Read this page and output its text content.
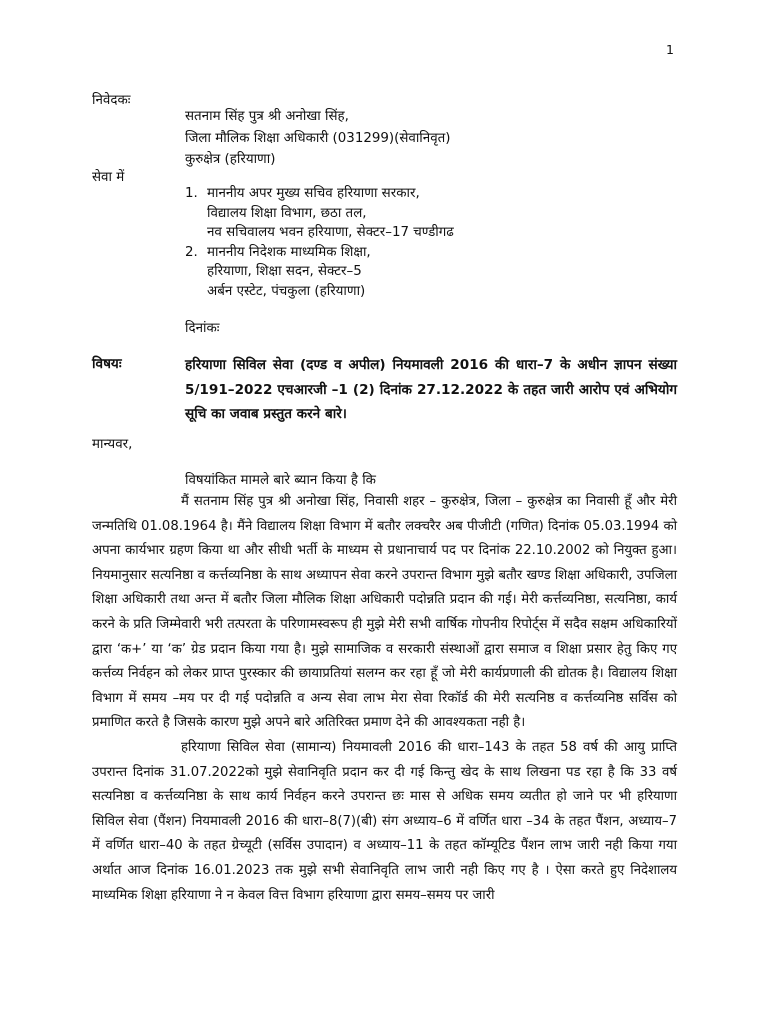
1
निवेदकः
सतनाम सिंह पुत्र श्री अनोखा सिंह,
जिला मौलिक शिक्षा अधिकारी (031299)(सेवानिवृत)
कुरुक्षेत्र (हरियाणा)
सेवा में
1. माननीय अपर मुख्य सचिव हरियाणा सरकार,
विद्यालय शिक्षा विभाग, छठा तल,
नव सचिवालय भवन हरियाणा, सेक्टर–17 चण्डीगढ
2. माननीय निदेशक माध्यमिक शिक्षा,
हरियाणा, शिक्षा सदन, सेक्टर–5
अर्बन एस्टेट, पंचकुला (हरियाणा)
दिनांकः
विषयः	हरियाणा सिविल सेवा (दण्ड व अपील) नियमावली 2016 की धारा–7 के अधीन ज्ञापन संख्या 5/191–2022 एचआरजी –1 (2) दिनांक 27.12.2022 के तहत जारी आरोप एवं अभियोग सूचि का जवाब प्रस्तुत करने बारे।
मान्यवर,
विषयांकित मामले बारे ब्यान किया है कि

मैं सतनाम सिंह पुत्र श्री अनोखा सिंह, निवासी शहर – कुरुक्षेत्र, जिला – कुरुक्षेत्र का निवासी हूँ और मेरी जन्मतिथि 01.08.1964 है। मैंने विद्यालय शिक्षा विभाग में बतौर लक्चरैर अब पीजीटी (गणित) दिनांक 05.03.1994 को अपना कार्यभार ग्रहण किया था और सीधी भर्ती के माध्यम से प्रधानाचार्य पद पर दिनांक 22.10.2002 को नियुक्त हुआ। नियमानुसार सत्यनिष्ठा व कर्त्तव्यनिष्ठा के साथ अध्यापन सेवा करने उपरान्त विभाग मुझे बतौर खण्ड शिक्षा अधिकारी, उपजिला शिक्षा अधिकारी तथा अन्त में बतौर जिला मौलिक शिक्षा अधिकारी पदोन्नति प्रदान की गई। मेरी कर्त्तव्यनिष्ठा, सत्यनिष्ठा, कार्य करने के प्रति जिम्मेवारी भरी तत्परता के परिणामस्वरूप ही मुझे मेरी सभी वार्षिक गोपनीय रिपोर्ट्स में सदैव सक्षम अधिकारियों द्वारा ‘क+’ या ‘क’ ग्रेड प्रदान किया गया है। मुझे सामाजिक व सरकारी संस्थाओं द्वारा समाज व शिक्षा प्रसार हेतु किए गए कर्त्तव्य निर्वहन को लेकर प्राप्त पुरस्कार की छायाप्रतियां सलग्न कर रहा हूँ जो मेरी कार्यप्रणाली की द्योतक है। विद्यालय शिक्षा विभाग में समय –मय पर दी गई पदोन्नति व अन्य सेवा लाभ मेरा सेवा रिकॉर्ड की मेरी सत्यनिष्ठ व कर्त्तव्यनिष्ठ सर्विस को प्रमाणित करते है जिसके कारण मुझे अपने बारे अतिरिक्त प्रमाण देने की आवश्यकता नही है।

हरियाणा सिविल सेवा (सामान्य) नियमावली 2016 की धारा–143 के तहत 58 वर्ष की आयु प्राप्ति उपरान्त दिनांक 31.07.2022को मुझे सेवानिवृति प्रदान कर दी गई किन्तु खेद के साथ लिखना पड रहा है कि 33 वर्ष सत्यनिष्ठा व कर्त्तव्यनिष्ठा के साथ कार्य निर्वहन करने उपरान्त छः मास से अधिक समय व्यतीत हो जाने पर भी हरियाणा सिविल सेवा (पैंशन) नियमावली 2016 की धारा–8(7)(बी) संग अध्याय–6 में वर्णित धारा –34 के तहत पैंशन, अध्याय–7 में वर्णित धारा–40 के तहत ग्रेच्यूटी (सर्विस उपादान) व अध्याय–11 के तहत कॉम्यूटिड पैंशन लाभ जारी नही किया गया अर्थात आज दिनांक 16.01.2023 तक मुझे सभी सेवानिवृति लाभ जारी नही किए गए है । ऐसा करते हुए निदेशालय माध्यमिक शिक्षा हरियाणा ने न केवल वित्त विभाग हरियाणा द्वारा समय–समय पर जारी
